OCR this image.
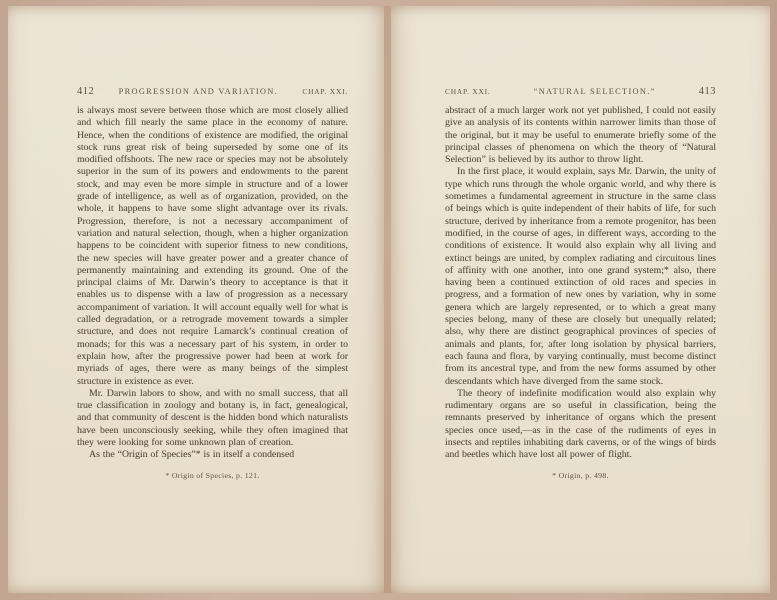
412	PROGRESSION AND VARIATION.	CHAP. XXI.

is always most severe between those which are most closely allied and which fill nearly the same place in the economy of nature. Hence, when the conditions of existence are modified, the original stock runs great risk of being superseded by some one of its modified offshoots. The new race or species may not be absolutely superior in the sum of its powers and endowments to the parent stock, and may even be more simple in structure and of a lower grade of intelligence, as well as of organization, provided, on the whole, it happens to have some slight advantage over its rivals. Progression, therefore, is not a necessary accompaniment of variation and natural selection, though, when a higher organization happens to be coincident with superior fitness to new conditions, the new species will have greater power and a greater chance of permanently maintaining and extending its ground. One of the principal claims of Mr. Darwin’s theory to acceptance is that it enables us to dispense with a law of progression as a necessary accompaniment of variation. It will account equally well for what is called degradation, or a retrograde movement towards a simpler structure, and does not require Lamarck’s continual creation of monads; for this was a necessary part of his system, in order to explain how, after the progressive power had been at work for myriads of ages, there were as many beings of the simplest structure in existence as ever.

Mr. Darwin labors to show, and with no small success, that all true classification in zoology and botany is, in fact, genealogical, and that community of descent is the hidden bond which naturalists have been unconsciously seeking, while they often imagined that they were looking for some unknown plan of creation.

As the “Origin of Species”* is in itself a condensed

* Origin of Species, p. 121.
CHAP. XXI.	“NATURAL SELECTION.”	413

abstract of a much larger work not yet published, I could not easily give an analysis of its contents within narrower limits than those of the original, but it may be useful to enumerate briefly some of the principal classes of phenomena on which the theory of “Natural Selection” is believed by its author to throw light.

In the first place, it would explain, says Mr. Darwin, the unity of type which runs through the whole organic world, and why there is sometimes a fundamental agreement in structure in the same class of beings which is quite independent of their habits of life, for such structure, derived by inheritance from a remote progenitor, has been modified, in the course of ages, in different ways, according to the conditions of existence. It would also explain why all living and extinct beings are united, by complex radiating and circuitous lines of affinity with one another, into one grand system;* also, there having been a continued extinction of old races and species in progress, and a formation of new ones by variation, why in some genera which are largely represented, or to which a great many species belong, many of these are closely but unequally related; also, why there are distinct geographical provinces of species of animals and plants, for, after long isolation by physical barriers, each fauna and flora, by varying continually, must become distinct from its ancestral type, and from the new forms assumed by other descendants which have diverged from the same stock.

The theory of indefinite modification would also explain why rudimentary organs are so useful in classification, being the remnants preserved by inheritance of organs which the present species once used,—as in the case of the rudiments of eyes in insects and reptiles inhabiting dark caverns, or of the wings of birds and beetles which have lost all power of flight.

* Origin, p. 498.
